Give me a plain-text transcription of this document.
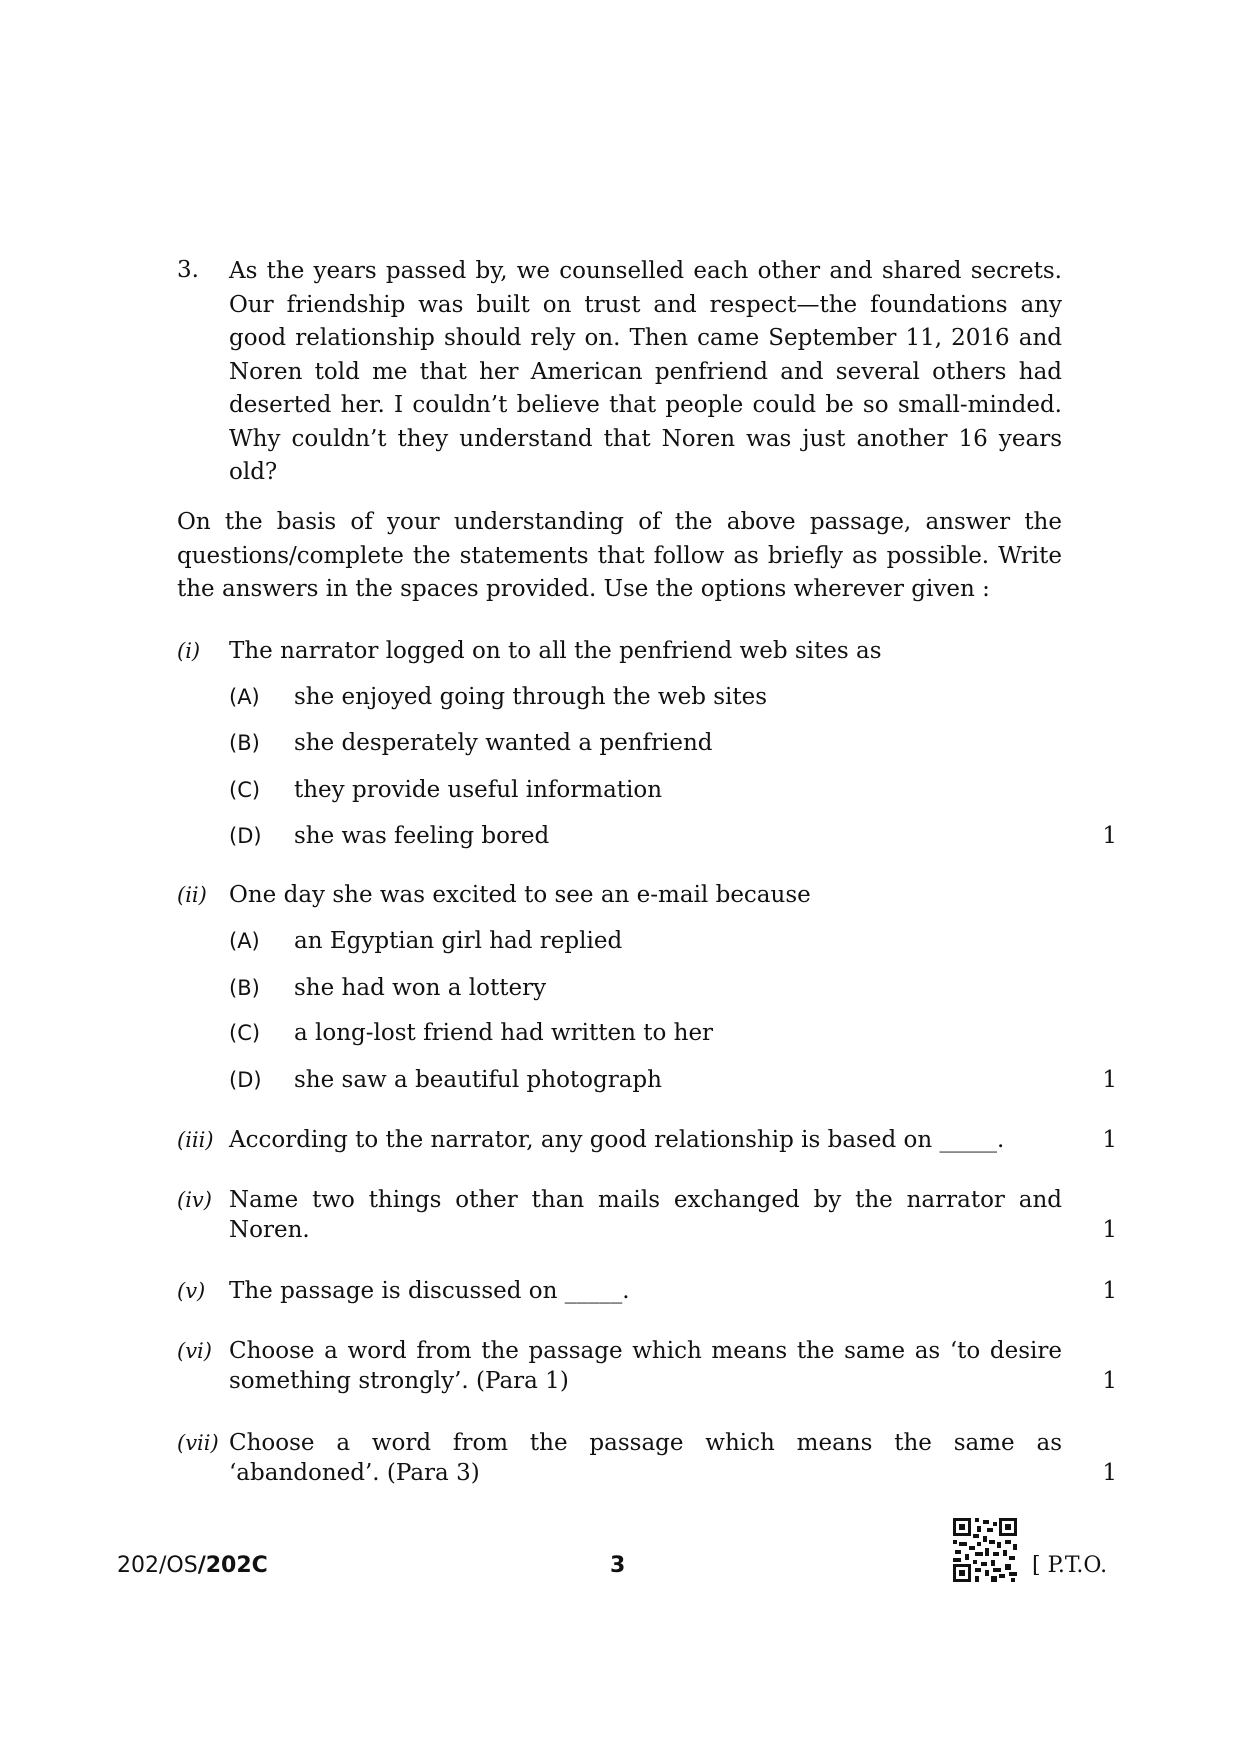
3. As the years passed by, we counselled each other and shared secrets. Our friendship was built on trust and respect—the foundations any good relationship should rely on. Then came September 11, 2016 and Noren told me that her American penfriend and several others had deserted her. I couldn’t believe that people could be so small-minded. Why couldn’t they understand that Noren was just another 16 years old?
On the basis of your understanding of the above passage, answer the questions/complete the statements that follow as briefly as possible. Write the answers in the spaces provided. Use the options wherever given :
(i) The narrator logged on to all the penfriend web sites as
(A) she enjoyed going through the web sites
(B) she desperately wanted a penfriend
(C) they provide useful information
(D) she was feeling bored	1
(ii) One day she was excited to see an e-mail because
(A) an Egyptian girl had replied
(B) she had won a lottery
(C) a long-lost friend had written to her
(D) she saw a beautiful photograph	1
(iii) According to the narrator, any good relationship is based on _____.	1
(iv) Name two things other than mails exchanged by the narrator and Noren.	1
(v) The passage is discussed on _____.	1
(vi) Choose a word from the passage which means the same as ‘to desire something strongly’. (Para 1)	1
(vii) Choose a word from the passage which means the same as ‘abandoned’. (Para 3)	1
202/OS/202C	3	[ P.T.O.
